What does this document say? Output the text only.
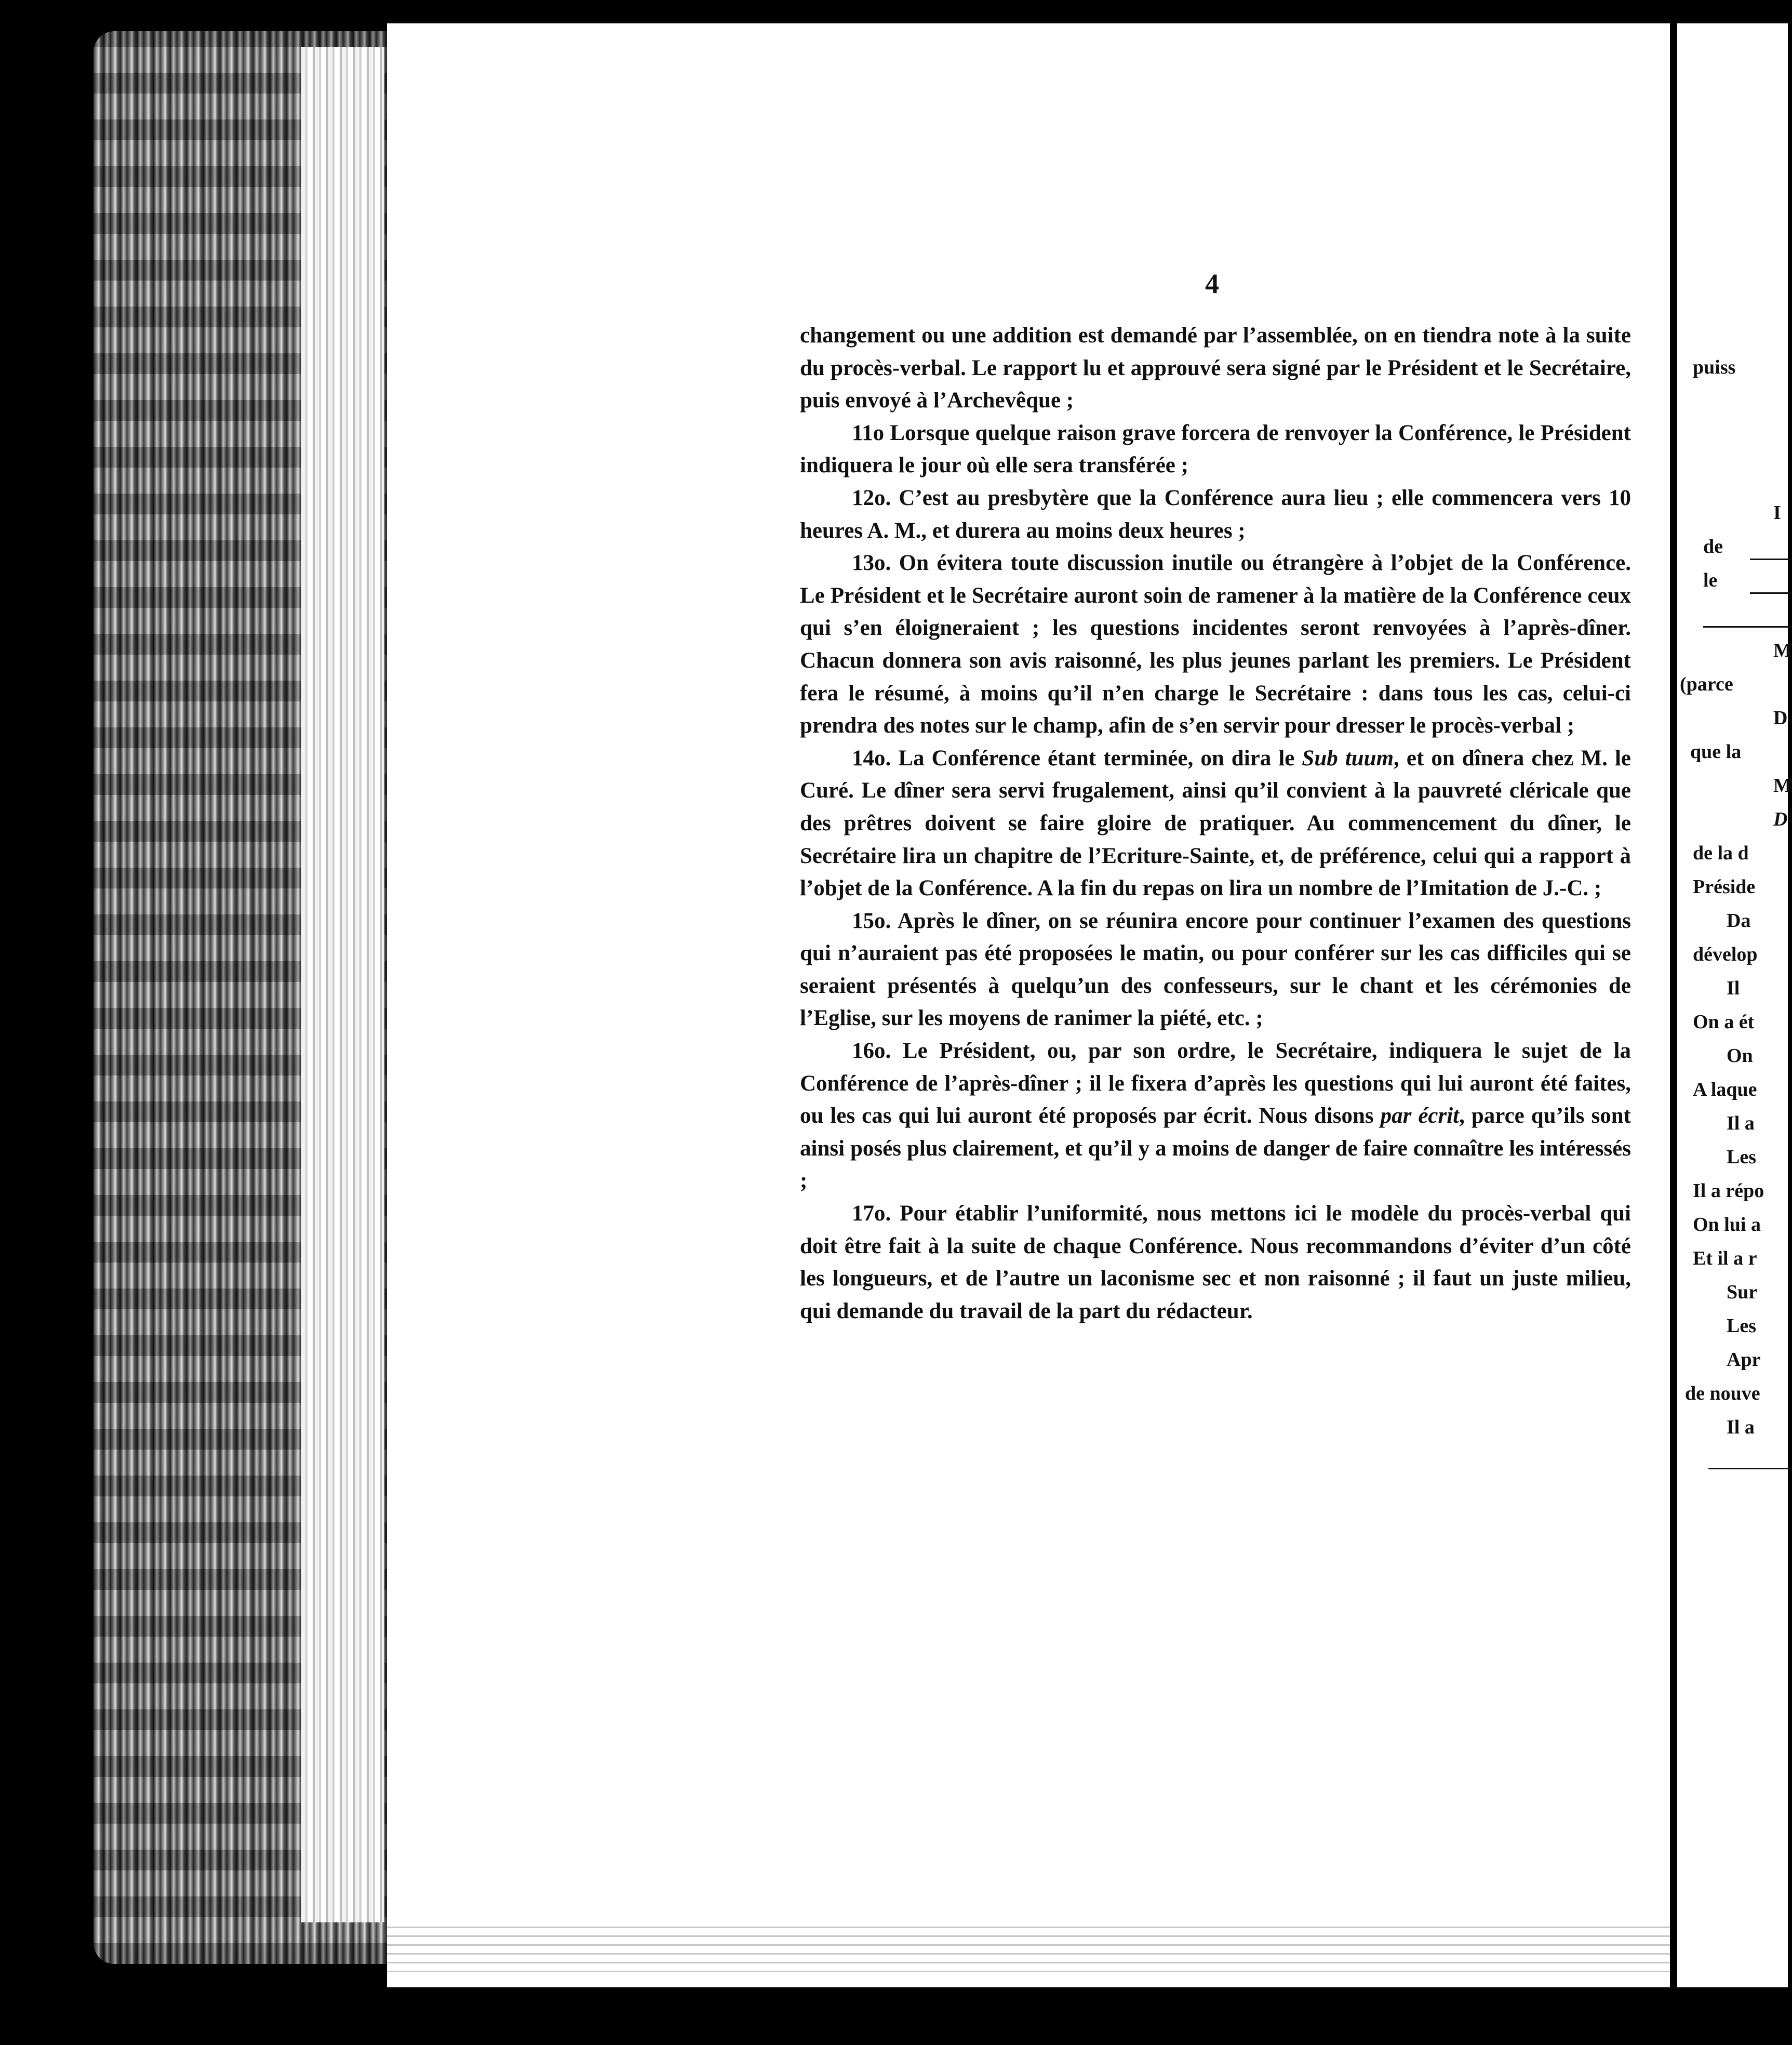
4

changement ou une addition est demandé par l’assemblée, on en tiendra note à la suite du procès-verbal. Le rapport lu et approuvé sera signé par le Président et le Secrétaire, puis envoyé à l’Archevêque ;

11o Lorsque quelque raison grave forcera de renvoyer la Conférence, le Président indiquera le jour où elle sera transférée ;

12o. C’est au presbytère que la Conférence aura lieu ; elle commencera vers 10 heures A. M., et durera au moins deux heures ;

13o. On évitera toute discussion inutile ou étrangère à l’objet de la Conférence. Le Président et le Secrétaire auront soin de ramener à la matière de la Conférence ceux qui s’en éloigneraient ; les questions incidentes seront renvoyées à l’après-dîner. Chacun donnera son avis raisonné, les plus jeunes parlant les premiers. Le Président fera le résumé, à moins qu’il n’en charge le Secrétaire : dans tous les cas, celui-ci prendra des notes sur le champ, afin de s’en servir pour dresser le procès-verbal ;

14o. La Conférence étant terminée, on dira le Sub tuum, et on dînera chez M. le Curé. Le dîner sera servi frugalement, ainsi qu’il convient à la pauvreté cléricale que des prêtres doivent se faire gloire de pratiquer. Au commencement du dîner, le Secrétaire lira un chapitre de l’Ecriture-Sainte, et, de préférence, celui qui a rapport à l’objet de la Conférence. A la fin du repas on lira un nombre de l’Imitation de J.-C. ;

15o. Après le dîner, on se réunira encore pour continuer l’examen des questions qui n’auraient pas été proposées le matin, ou pour conférer sur les cas difficiles qui se seraient présentés à quelqu’un des confesseurs, sur le chant et les cérémonies de l’Eglise, sur les moyens de ranimer la piété, etc. ;

16o. Le Président, ou, par son ordre, le Secrétaire, indiquera le sujet de la Conférence de l’après-dîner ; il le fixera d’après les questions qui lui auront été faites, ou les cas qui lui auront été proposés par écrit. Nous disons par écrit, parce qu’ils sont ainsi posés plus clairement, et qu’il y a moins de danger de faire connaître les intéressés ;

17o. Pour établir l’uniformité, nous mettons ici le modèle du procès-verbal qui doit être fait à la suite de chaque Conférence. Nous recommandons d’éviter d’un côté les longueurs, et de l’autre un laconisme sec et non raisonné ; il faut un juste milieu, qui demande du travail de la part du rédacteur.

puiss
I
de
le
M
(parce
D
que la
M
D
de la d
Préside
Da
dévelop
Il
On a ét
On
A laque
Il a
Les
Il a répo
On lui a
Et il a r
Sur
Les
Apr
de nouve
Il a
